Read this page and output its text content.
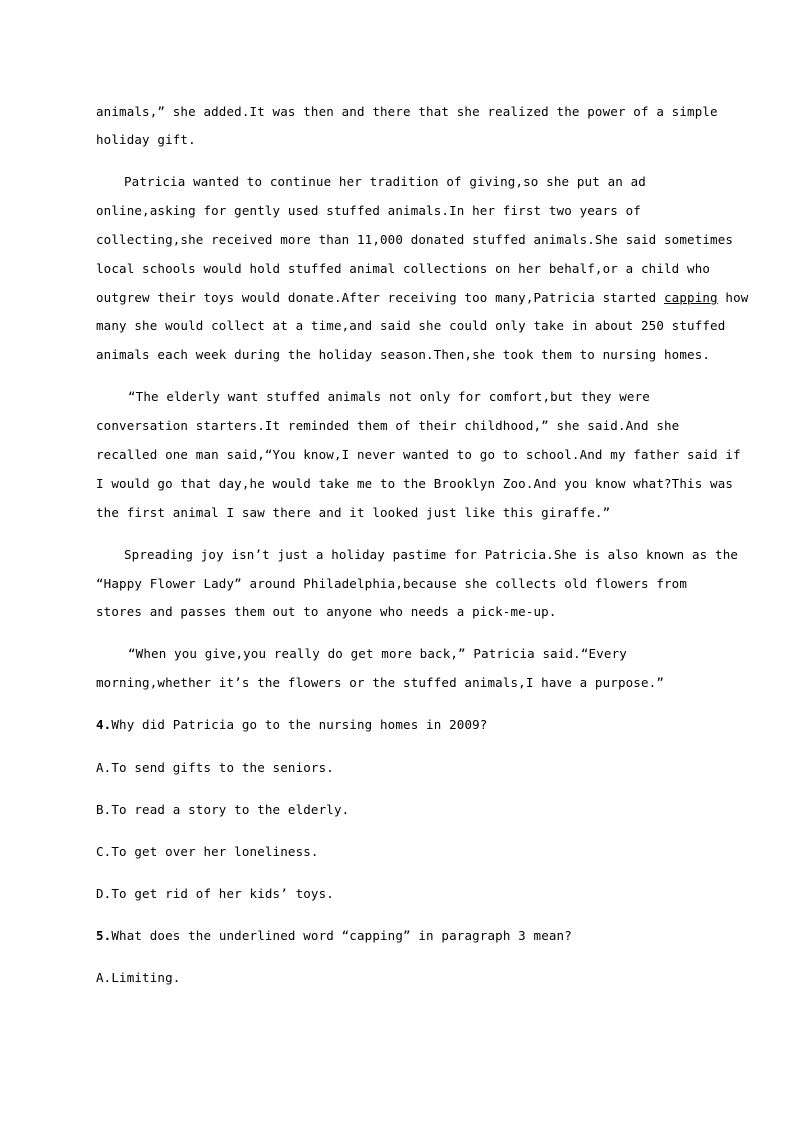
animals,” she added.It was then and there that she realized the power of a simple
holiday gift.
Patricia wanted to continue her tradition of giving,so she put an ad
online,asking for gently used stuffed animals.In her first two years of
collecting,she received more than 11,000 donated stuffed animals.She said sometimes
local schools would hold stuffed animal collections on her behalf,or a child who
outgrew their toys would donate.After receiving too many,Patricia started capping how
many she would collect at a time,and said she could only take in about 250 stuffed
animals each week during the holiday season.Then,she took them to nursing homes.
“The elderly want stuffed animals not only for comfort,but they were
conversation starters.It reminded them of their childhood,” she said.And she
recalled one man said,“You know,I never wanted to go to school.And my father said if
I would go that day,he would take me to the Brooklyn Zoo.And you know what?This was
the first animal I saw there and it looked just like this giraffe.”
Spreading joy isn’t just a holiday pastime for Patricia.She is also known as the
“Happy Flower Lady” around Philadelphia,because she collects old flowers from
stores and passes them out to anyone who needs a pick-me-up.
“When you give,you really do get more back,” Patricia said.“Every
morning,whether it’s the flowers or the stuffed animals,I have a purpose.”
4.Why did Patricia go to the nursing homes in 2009?
A.To send gifts to the seniors.
B.To read a story to the elderly.
C.To get over her loneliness.
D.To get rid of her kids’ toys.
5.What does the underlined word “capping” in paragraph 3 mean?
A.Limiting.
